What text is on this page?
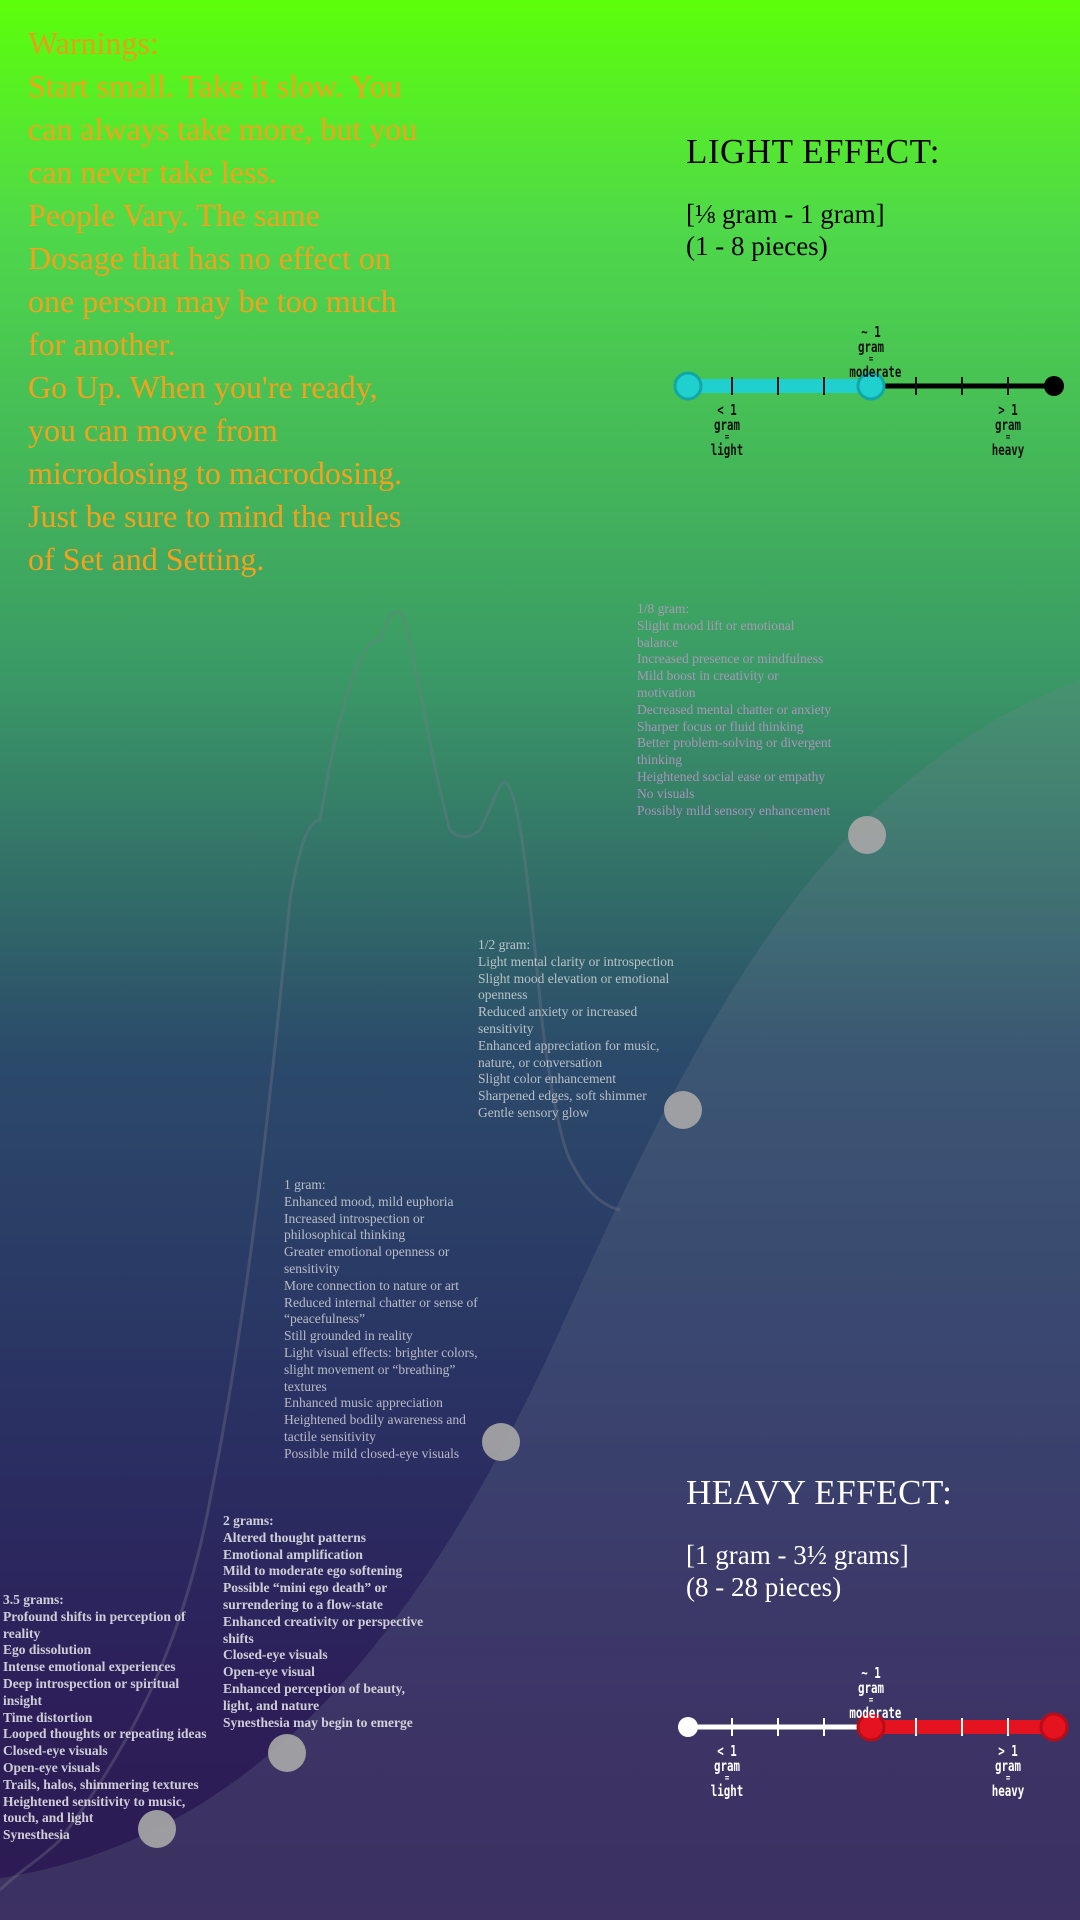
Warnings:
Start small. Take it slow. You
can always take more, but you
can never take less.
People Vary. The same
Dosage that has no effect on
one person may be too much
for another.
Go Up. When you're ready,
you can move from
microdosing to macrodosing.
Just be sure to mind the rules
of Set and Setting.
LIGHT EFFECT:
[⅛ gram - 1 gram]
(1 - 8 pieces)
~ 1 gram
=
moderate
< 1 gram
=
light
> 1 gram
=
heavy
HEAVY EFFECT:
[1 gram - 3½ grams]
(8 - 28 pieces)
~ 1 gram
=
moderate
< 1 gram
=
light
> 1 gram
=
heavy
1/8 gram:
Slight mood lift or emotional
balance
Increased presence or mindfulness
Mild boost in creativity or
motivation
Decreased mental chatter or anxiety
Sharper focus or fluid thinking
Better problem-solving or divergent
thinking
Heightened social ease or empathy
No visuals
Possibly mild sensory enhancement
1/2 gram:
Light mental clarity or introspection
Slight mood elevation or emotional
openness
Reduced anxiety or increased
sensitivity
Enhanced appreciation for music,
nature, or conversation
Slight color enhancement
Sharpened edges, soft shimmer
Gentle sensory glow
1 gram:
Enhanced mood, mild euphoria
Increased introspection or
philosophical thinking
Greater emotional openness or
sensitivity
More connection to nature or art
Reduced internal chatter or sense of
“peacefulness”
Still grounded in reality
Light visual effects: brighter colors,
slight movement or “breathing”
textures
Enhanced music appreciation
Heightened bodily awareness and
tactile sensitivity
Possible mild closed-eye visuals
2 grams:
Altered thought patterns
Emotional amplification
Mild to moderate ego softening
Possible “mini ego death” or
surrendering to a flow-state
Enhanced creativity or perspective
shifts
Closed-eye visuals
Open-eye visual
Enhanced perception of beauty,
light, and nature
Synesthesia may begin to emerge
3.5 grams:
Profound shifts in perception of
reality
Ego dissolution
Intense emotional experiences
Deep introspection or spiritual
insight
Time distortion
Looped thoughts or repeating ideas
Closed-eye visuals
Open-eye visuals
Trails, halos, shimmering textures
Heightened sensitivity to music,
touch, and light
Synesthesia
